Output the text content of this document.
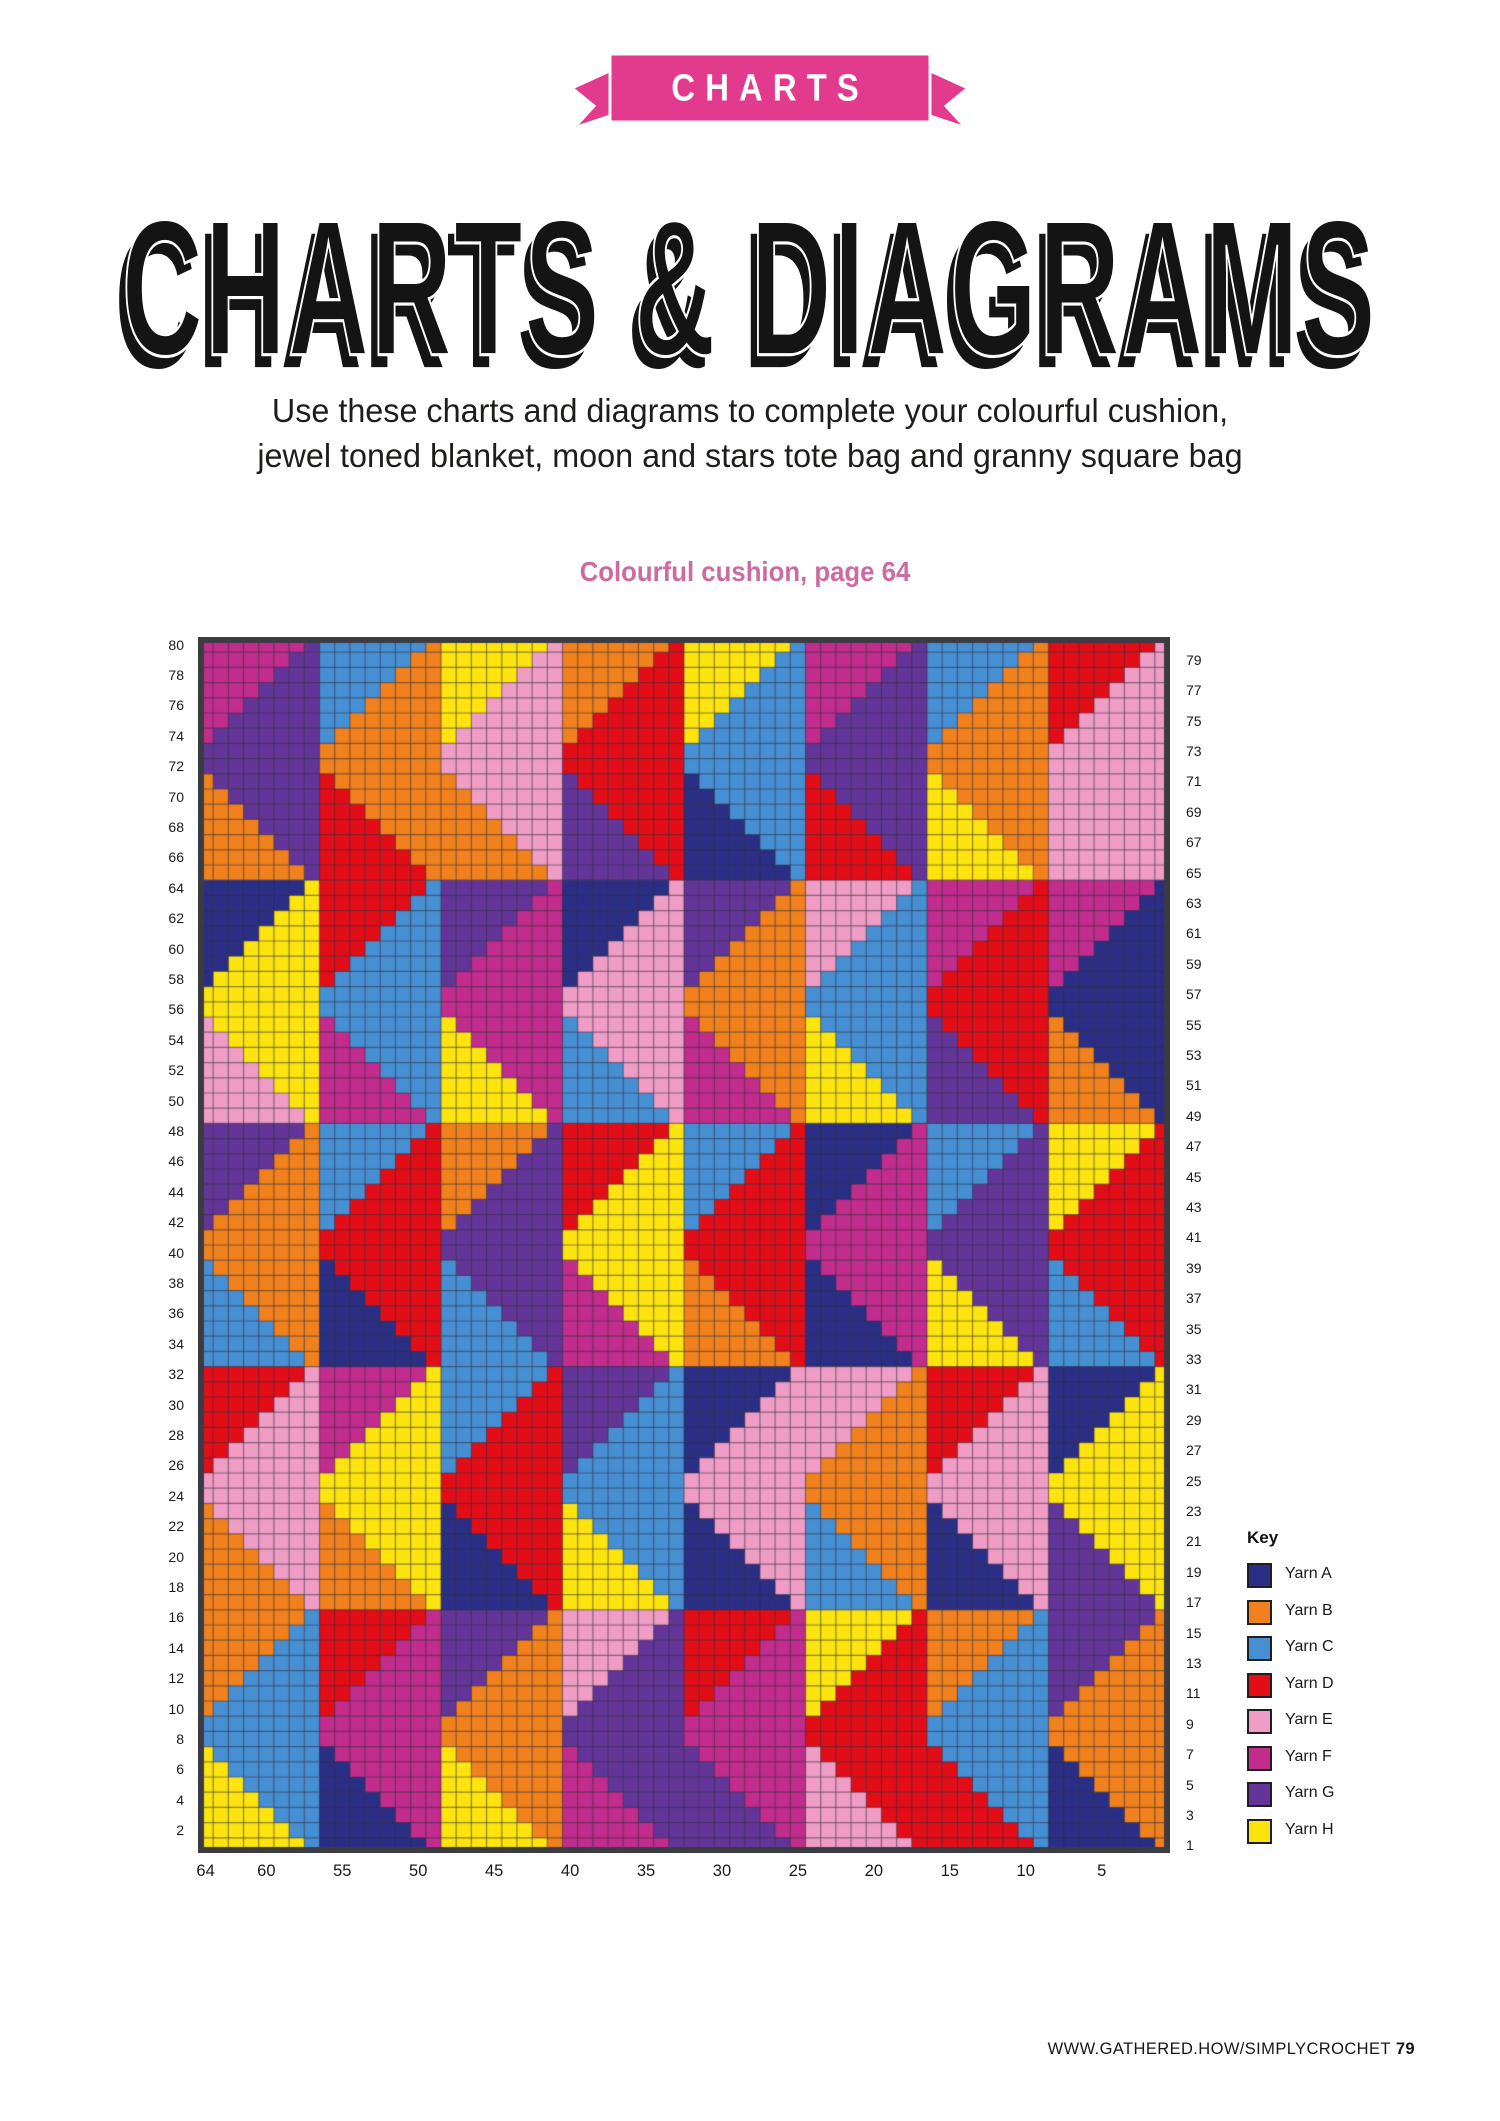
CHARTS
CHARTS & DIAGRAMS
Use these charts and diagrams to complete your colourful cushion,
jewel toned blanket, moon and stars tote bag and granny square bag
Colourful cushion, page 64
80
78
76
74
72
70
68
66
64
62
60
58
56
54
52
50
48
46
44
42
40
38
36
34
32
30
28
26
24
22
20
18
16
14
12
10
8
6
4
2
79
77
75
73
71
69
67
65
63
61
59
57
55
53
51
49
47
45
43
41
39
37
35
33
31
29
27
25
23
21
19
17
15
13
11
9
7
5
3
1
64	60	55	50	45	40	35	30	25	20	15	10	5
Key
Yarn A
Yarn B
Yarn C
Yarn D
Yarn E
Yarn F
Yarn G
Yarn H
WWW.GATHERED.HOW/SIMPLYCROCHET 79
